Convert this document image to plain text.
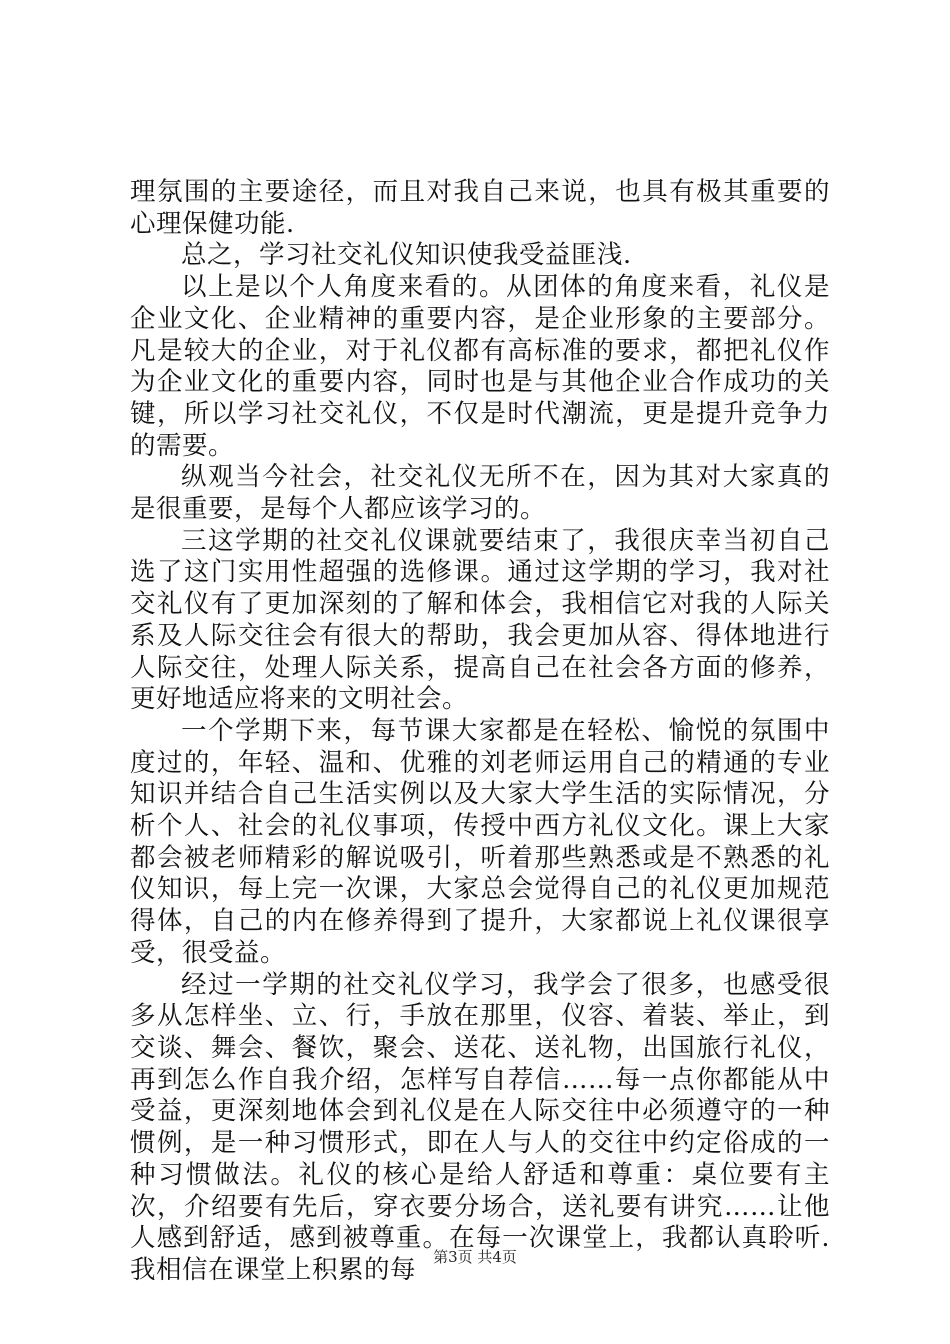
理氛围的主要途径，而且对我自己来说，也具有极其重要的心理保健功能.

总之，学习社交礼仪知识使我受益匪浅.

以上是以个人角度来看的。从团体的角度来看，礼仪是企业文化、企业精神的重要内容，是企业形象的主要部分。凡是较大的企业，对于礼仪都有高标准的要求，都把礼仪作为企业文化的重要内容，同时也是与其他企业合作成功的关键，所以学习社交礼仪，不仅是时代潮流，更是提升竞争力的需要。

纵观当今社会，社交礼仪无所不在，因为其对大家真的是很重要，是每个人都应该学习的。

三这学期的社交礼仪课就要结束了，我很庆幸当初自己选了这门实用性超强的选修课。通过这学期的学习，我对社交礼仪有了更加深刻的了解和体会，我相信它对我的人际关系及人际交往会有很大的帮助，我会更加从容、得体地进行人际交往，处理人际关系，提高自己在社会各方面的修养，更好地适应将来的文明社会。

一个学期下来，每节课大家都是在轻松、愉悦的氛围中度过的，年轻、温和、优雅的刘老师运用自己的精通的专业知识并结合自己生活实例以及大家大学生活的实际情况，分析个人、社会的礼仪事项，传授中西方礼仪文化。课上大家都会被老师精彩的解说吸引，听着那些熟悉或是不熟悉的礼仪知识，每上完一次课，大家总会觉得自己的礼仪更加规范得体，自己的内在修养得到了提升，大家都说上礼仪课很享受，很受益。

经过一学期的社交礼仪学习，我学会了很多，也感受很多从怎样坐、立、行，手放在那里，仪容、着装、举止，到交谈、舞会、餐饮，聚会、送花、送礼物，出国旅行礼仪，再到怎么作自我介绍，怎样写自荐信……每一点你都能从中受益，更深刻地体会到礼仪是在人际交往中必须遵守的一种惯例，是一种习惯形式，即在人与人的交往中约定俗成的一种习惯做法。礼仪的核心是给人舒适和尊重：桌位要有主次，介绍要有先后，穿衣要分场合，送礼要有讲究……让他人感到舒适，感到被尊重。在每一次课堂上，我都认真聆听.我相信在课堂上积累的每	第3页 共4页
